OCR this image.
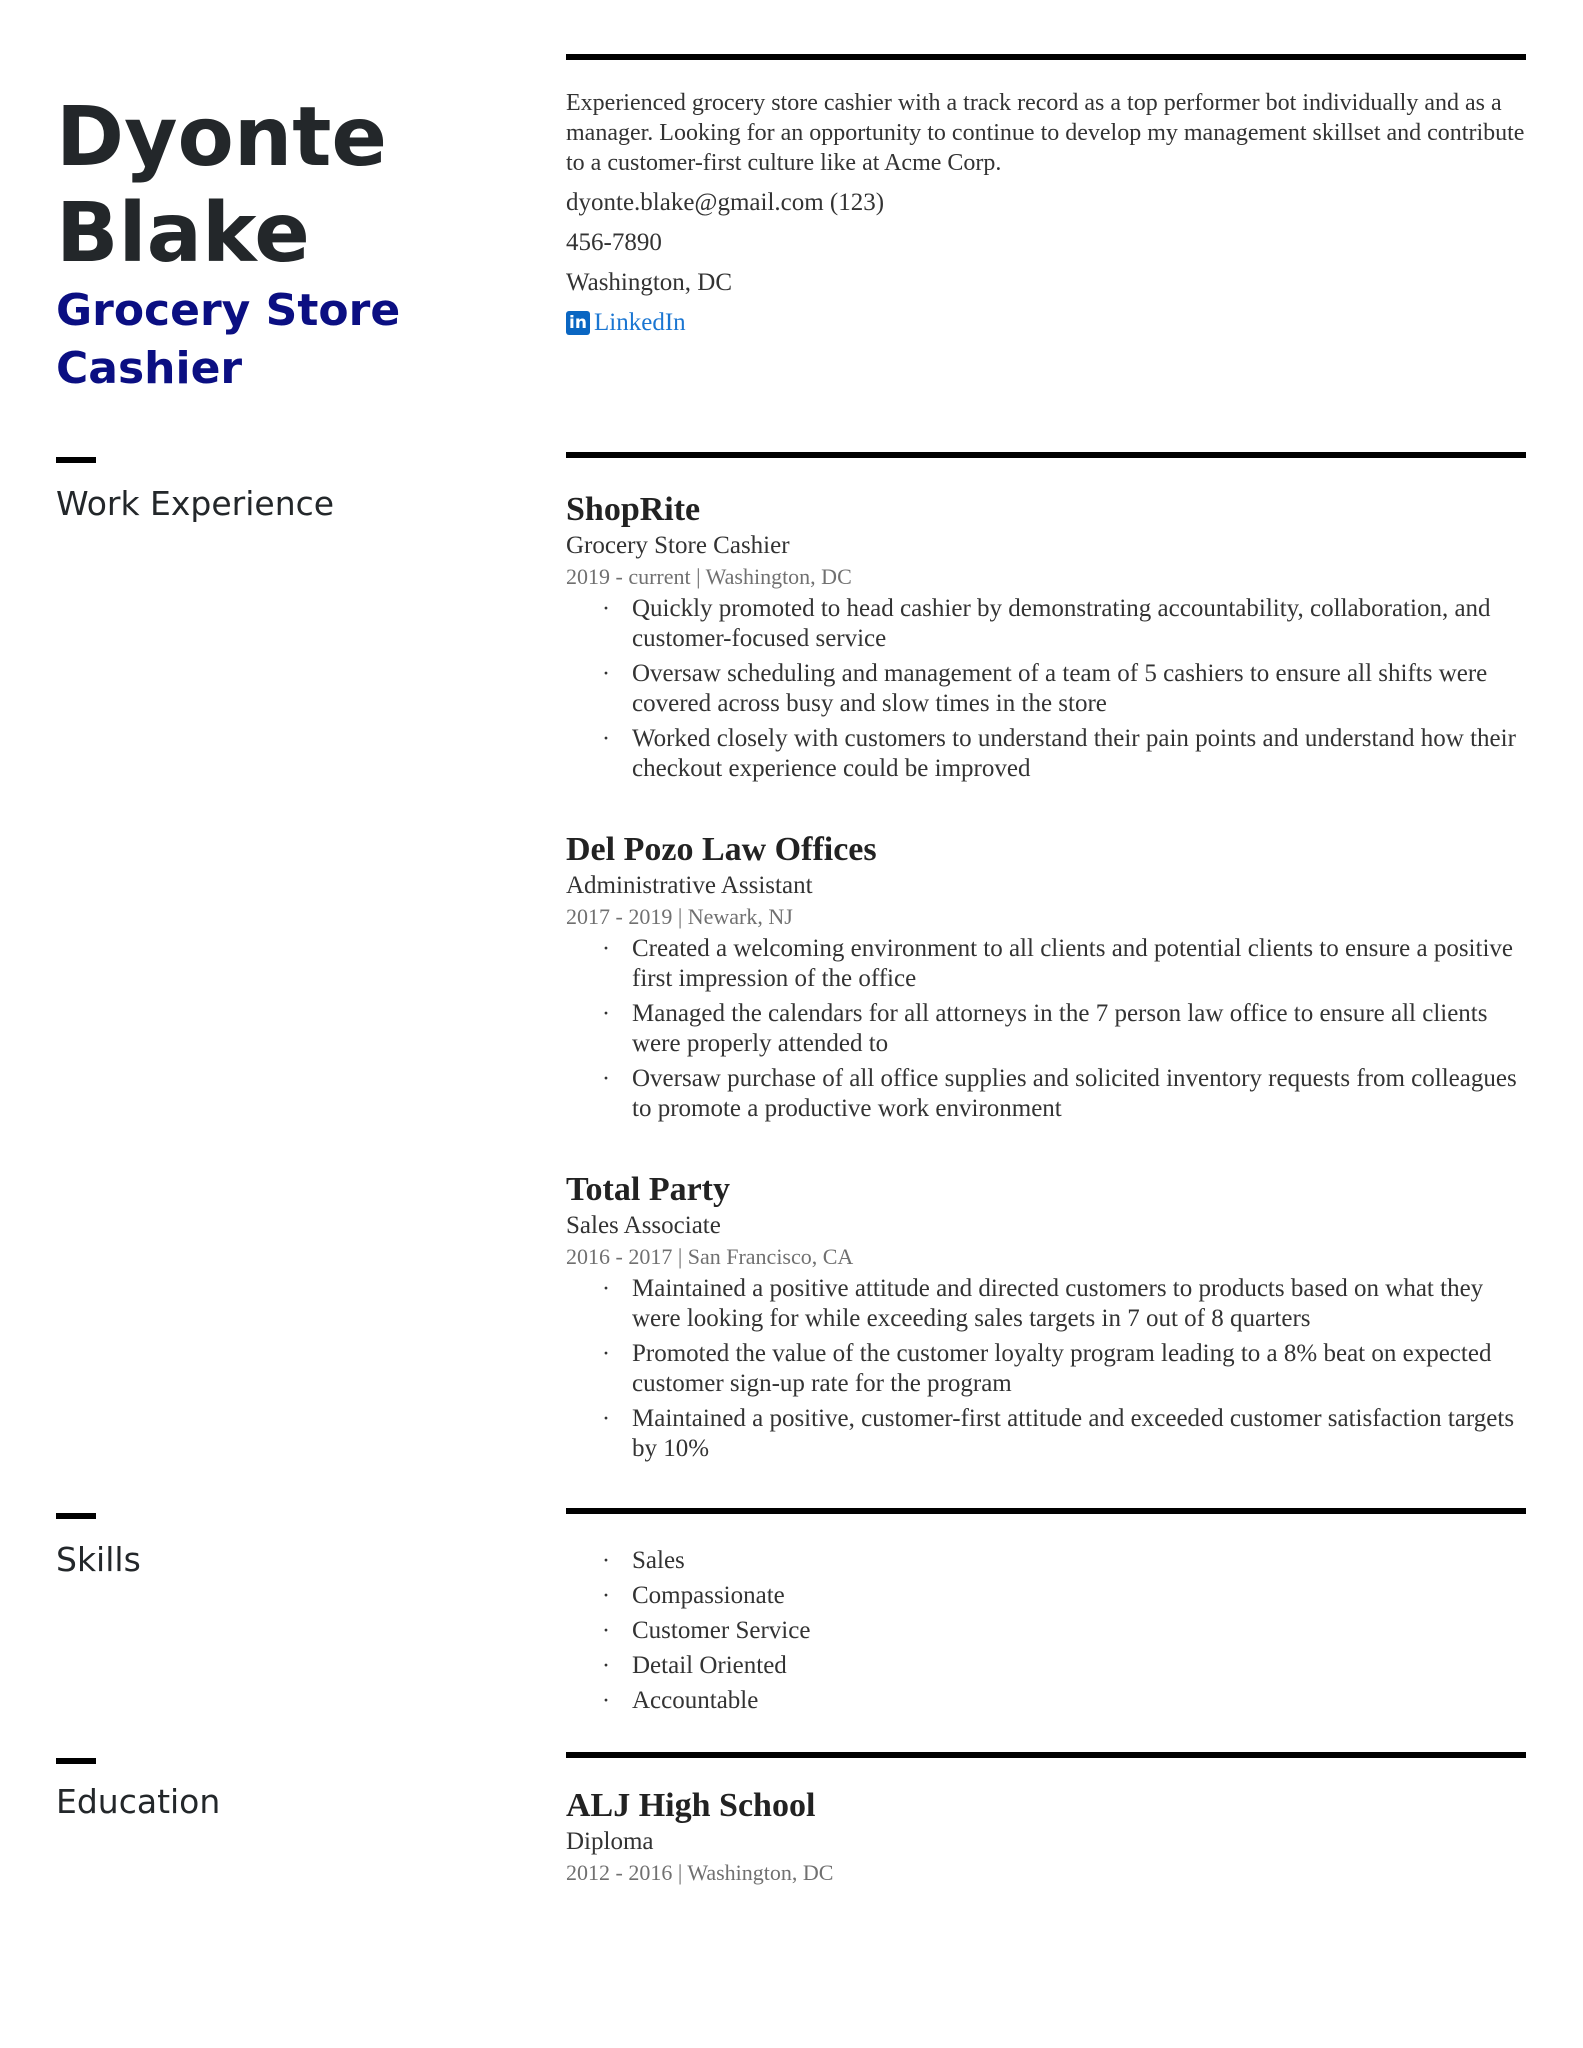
Dyonte
Blake
Grocery Store
Cashier

Experienced grocery store cashier with a track record as a top performer bot individually and as a manager. Looking for an opportunity to continue to develop my management skillset and contribute to a customer-first culture like at Acme Corp.

dyonte.blake@gmail.com (123)

456-7890

Washington, DC

in LinkedIn
Work Experience	ShopRite

Grocery Store Cashier

2019 - current | Washington, DC

· Quickly promoted to head cashier by demonstrating accountability, collaboration, and customer-focused service
· Oversaw scheduling and management of a team of 5 cashiers to ensure all shifts were covered across busy and slow times in the store
· Worked closely with customers to understand their pain points and understand how their checkout experience could be improved

Del Pozo Law Offices

Administrative Assistant

2017 - 2019 | Newark, NJ

· Created a welcoming environment to all clients and potential clients to ensure a positive first impression of the office
· Managed the calendars for all attorneys in the 7 person law office to ensure all clients were properly attended to
· Oversaw purchase of all office supplies and solicited inventory requests from colleagues to promote a productive work environment

Total Party

Sales Associate

2016 - 2017 | San Francisco, CA

· Maintained a positive attitude and directed customers to products based on what they were looking for while exceeding sales targets in 7 out of 8 quarters
· Promoted the value of the customer loyalty program leading to a 8% beat on expected customer sign-up rate for the program
· Maintained a positive, customer-first attitude and exceeded customer satisfaction targets by 10%
Skills
·	Sales
· Compassionate
· Customer Service
· Detail Oriented
· Accountable
Education	ALJ High School

Diploma

2012 - 2016 | Washington, DC
